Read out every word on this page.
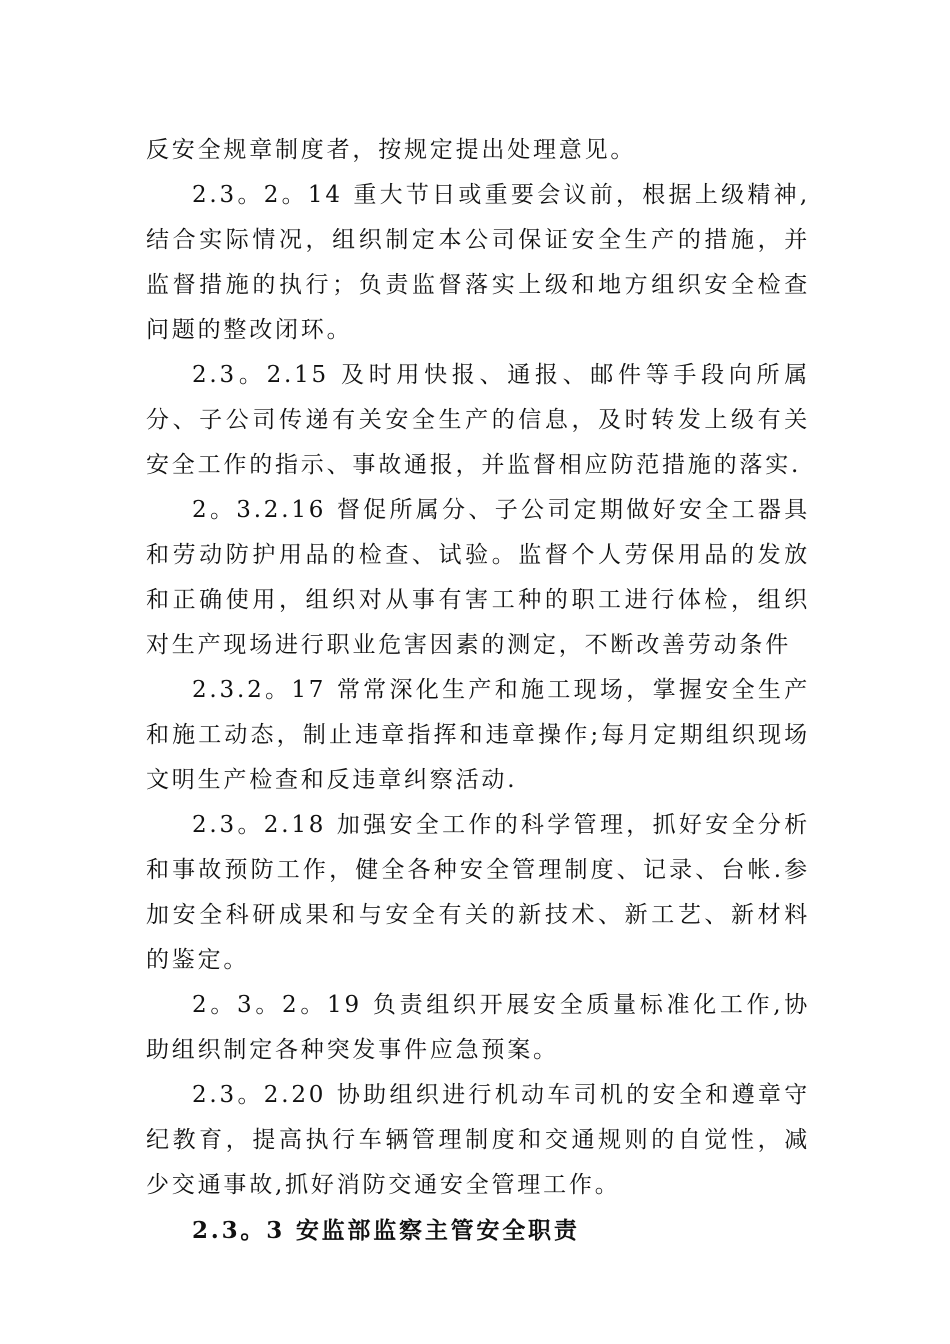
反安全规章制度者，按规定提出处理意见。

2.3。2。14 重大节日或重要会议前，根据上级精神,结合实际情况，组织制定本公司保证安全生产的措施，并监督措施的执行；负责监督落实上级和地方组织安全检查问题的整改闭环。

2.3。2.15 及时用快报、通报、邮件等手段向所属分、子公司传递有关安全生产的信息，及时转发上级有关安全工作的指示、事故通报，并监督相应防范措施的落实.

2。3.2.16 督促所属分、子公司定期做好安全工器具和劳动防护用品的检查、试验。监督个人劳保用品的发放和正确使用，组织对从事有害工种的职工进行体检，组织对生产现场进行职业危害因素的测定，不断改善劳动条件

2.3.2。17 常常深化生产和施工现场，掌握安全生产和施工动态，制止违章指挥和违章操作;每月定期组织现场文明生产检查和反违章纠察活动.

2.3。2.18 加强安全工作的科学管理，抓好安全分析和事故预防工作，健全各种安全管理制度、记录、台帐.参加安全科研成果和与安全有关的新技术、新工艺、新材料的鉴定。

2。3。2。19 负责组织开展安全质量标准化工作,协助组织制定各种突发事件应急预案。

2.3。2.20 协助组织进行机动车司机的安全和遵章守纪教育，提高执行车辆管理制度和交通规则的自觉性，减少交通事故,抓好消防交通安全管理工作。

2.3。3 安监部监察主管安全职责
